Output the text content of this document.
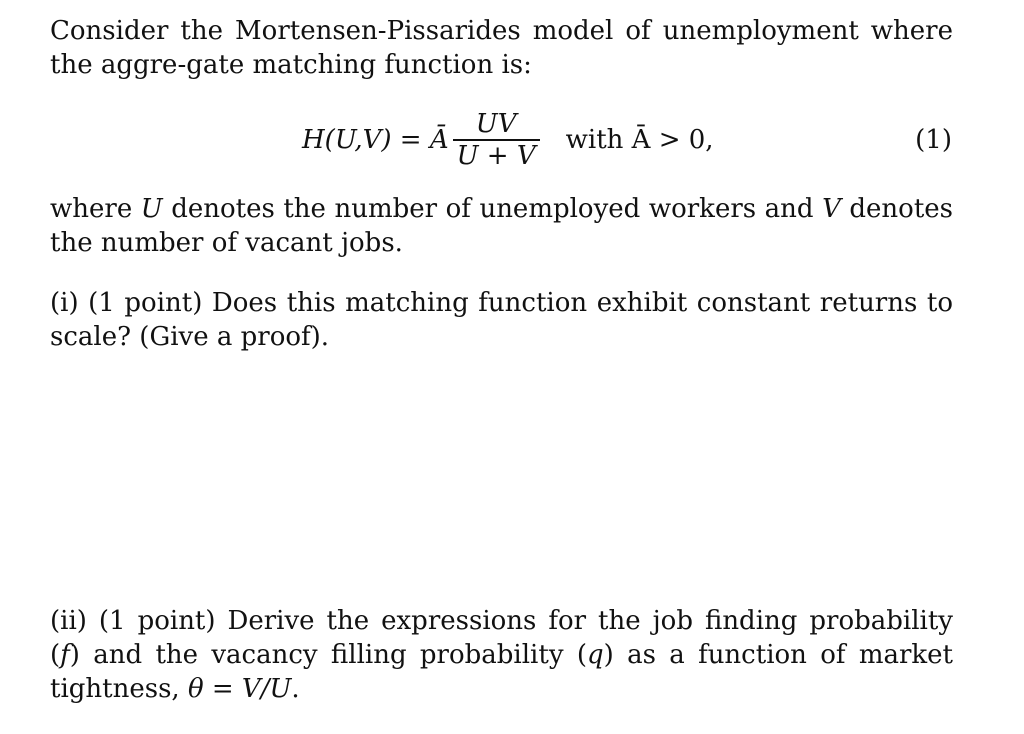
Consider the Mortensen-Pissarides model of unemployment where the aggre-gate matching function is:

H(U,V) = Ā $\frac{UV}{U + V}$ with Ā > 0,	(1)

where U denotes the number of unemployed workers and V denotes the number of vacant jobs.

(i) (1 point) Does this matching function exhibit constant returns to scale? (Give a proof).

(ii) (1 point) Derive the expressions for the job finding probability (f) and the vacancy filling probability (q) as a function of market tightness, θ = V/U.
